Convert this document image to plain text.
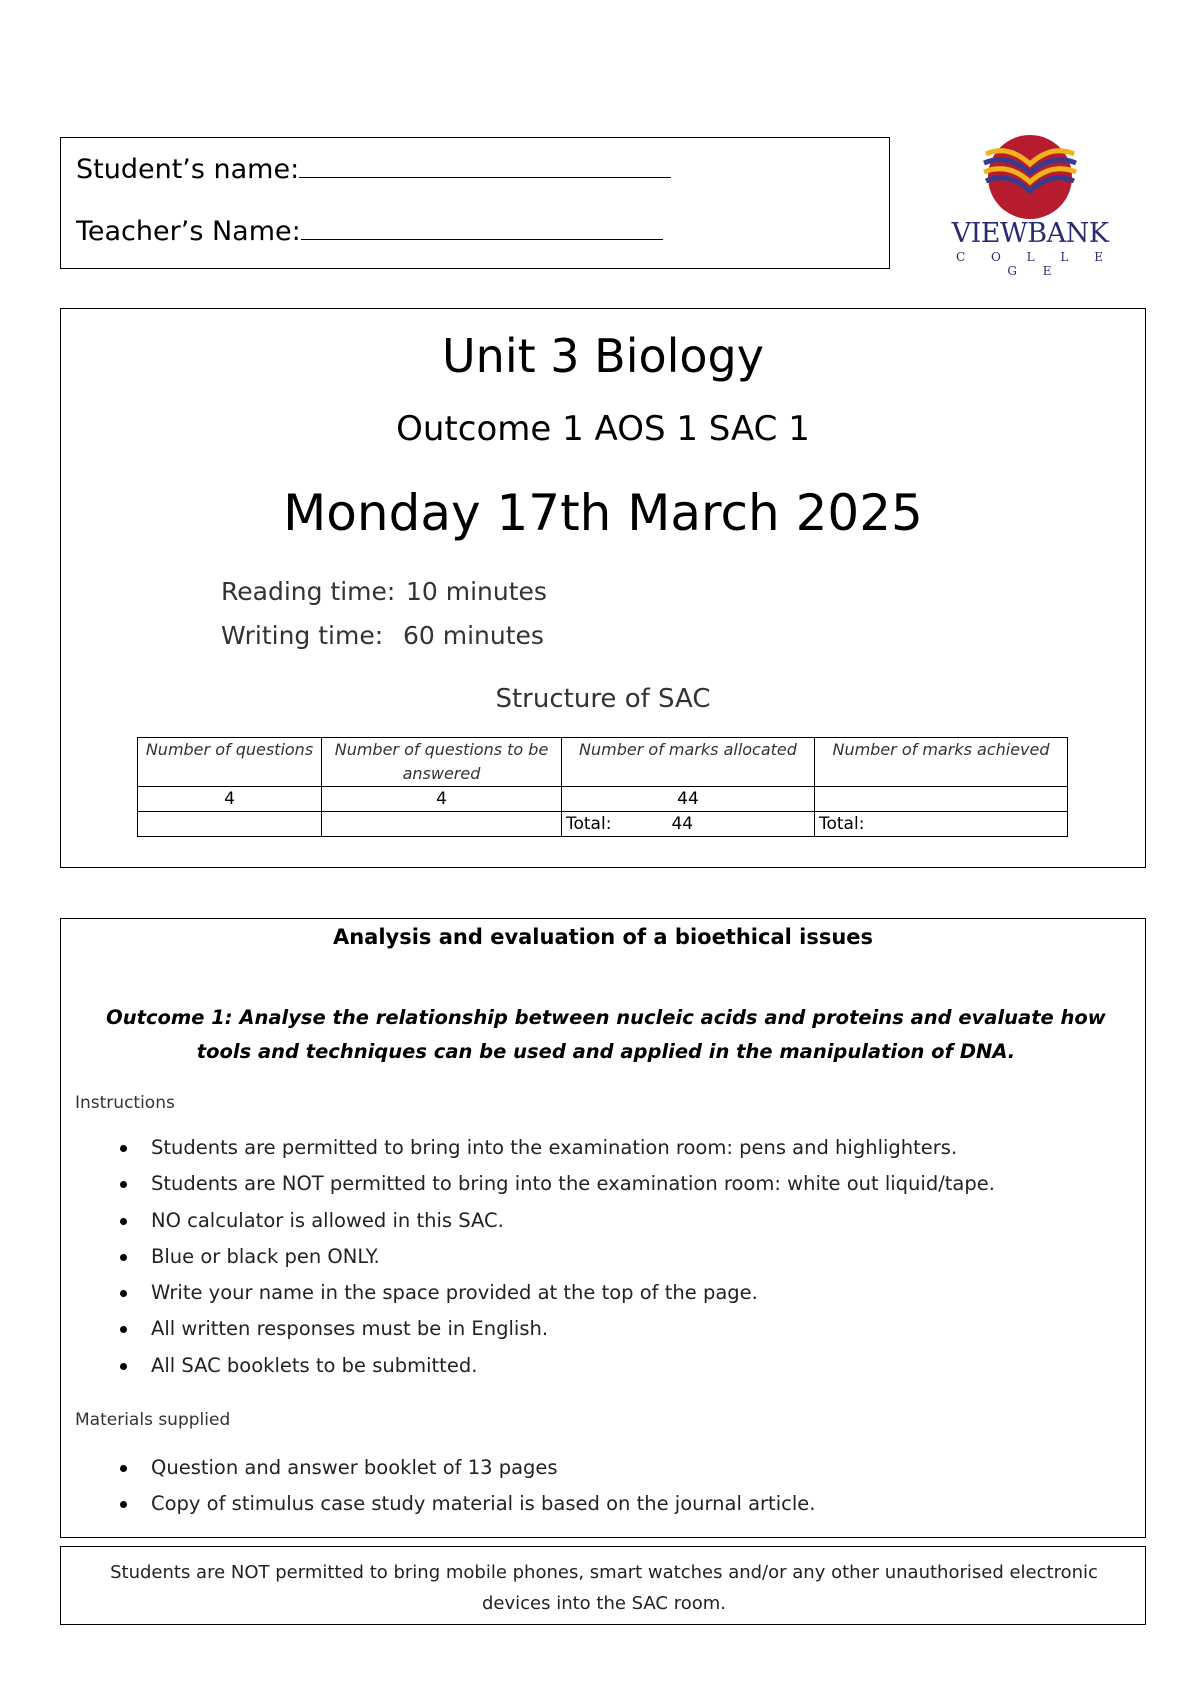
Student’s name:
Teacher’s Name:	VIEWBANK
C O L L E G E
Unit 3 Biology
Outcome 1 AOS 1 SAC 1
Monday 17th March 2025
Reading time: 10 minutes
Writing time: 60 minutes
Structure of SAC
Number of questions	Number of questions to be answered	Number of marks allocated	Number of marks achieved
4	4	44	
		Total: 44	Total:
Analysis and evaluation of a bioethical issues
Outcome 1: Analyse the relationship between nucleic acids and proteins and evaluate how tools and techniques can be used and applied in the manipulation of DNA.
Instructions
Students are permitted to bring into the examination room: pens and highlighters.
Students are NOT permitted to bring into the examination room: white out liquid/tape.
NO calculator is allowed in this SAC.
Blue or black pen ONLY.
Write your name in the space provided at the top of the page.
All written responses must be in English.
All SAC booklets to be submitted.
Materials supplied
Question and answer booklet of 13 pages
Copy of stimulus case study material is based on the journal article.
Students are NOT permitted to bring mobile phones, smart watches and/or any other unauthorised electronic devices into the SAC room.
